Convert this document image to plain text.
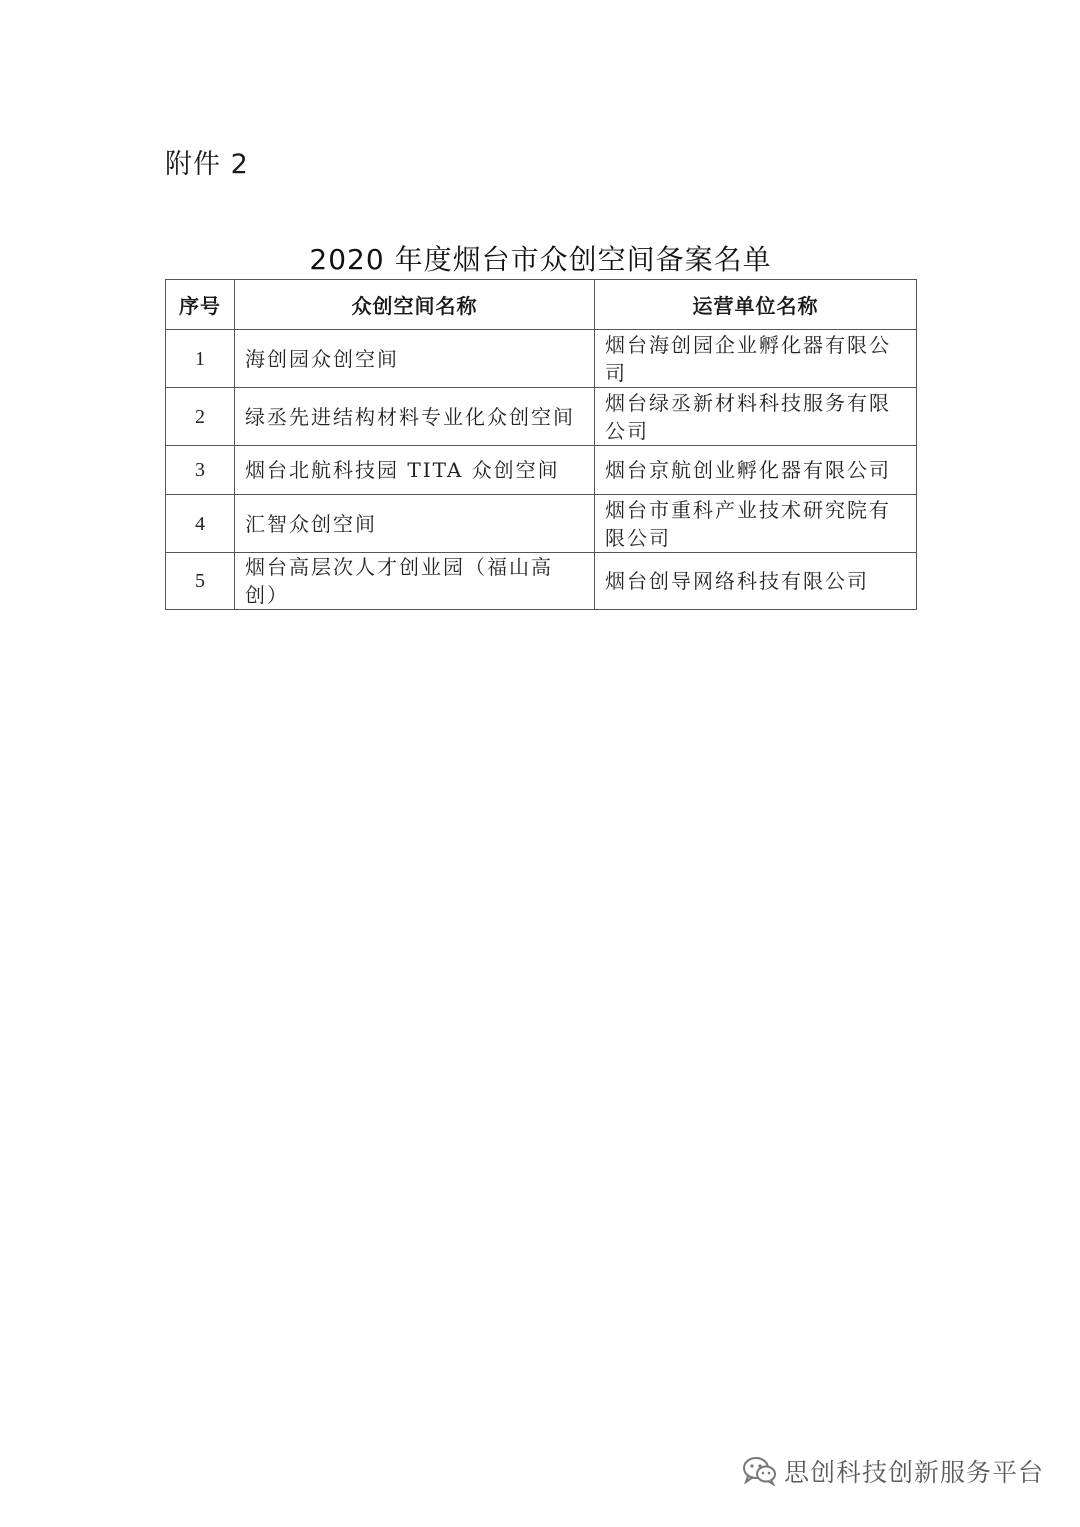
附件 2
2020 年度烟台市众创空间备案名单
序号	众创空间名称	运营单位名称
1	海创园众创空间	烟台海创园企业孵化器有限公司
2	绿丞先进结构材料专业化众创空间	烟台绿丞新材料科技服务有限公司
3	烟台北航科技园 TITA 众创空间	烟台京航创业孵化器有限公司
4	汇智众创空间	烟台市重科产业技术研究院有限公司
5	烟台高层次人才创业园（福山高创）	烟台创导网络科技有限公司
思创科技创新服务平台
